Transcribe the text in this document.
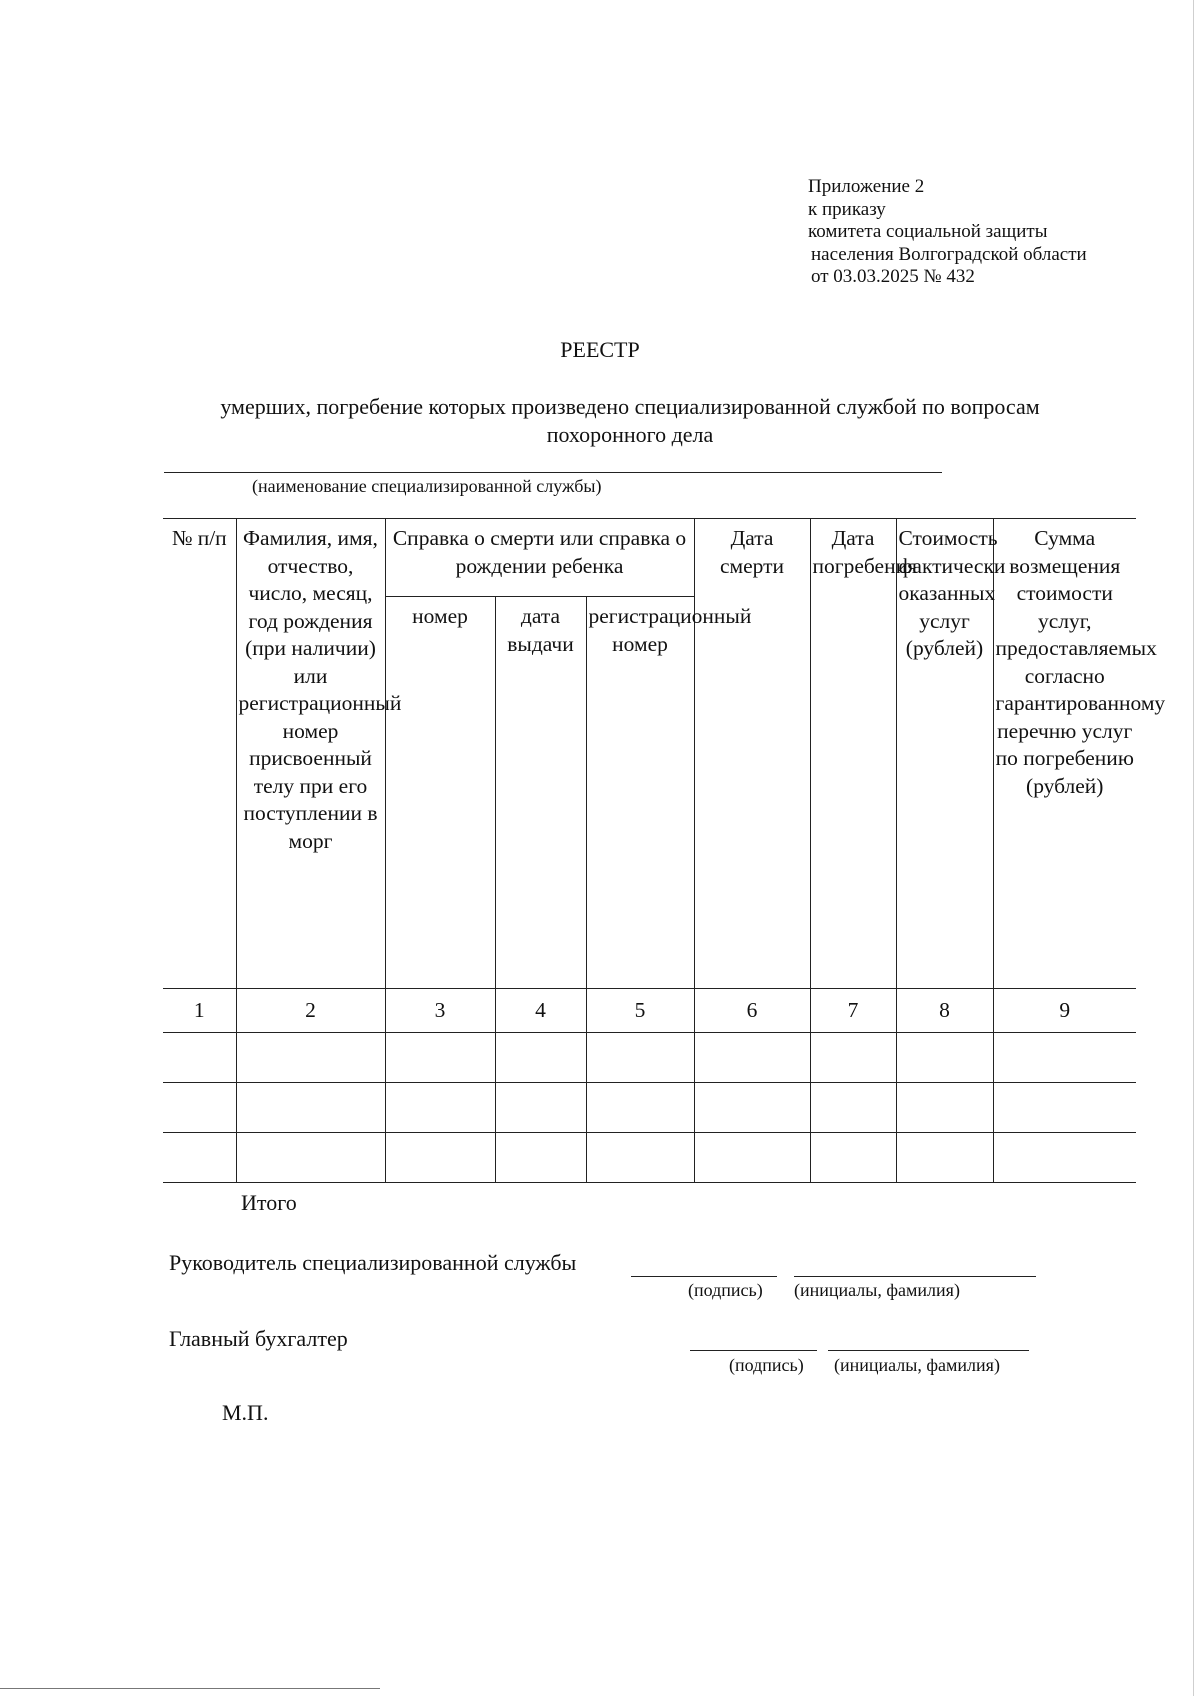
Приложение 2
к приказу
комитета социальной защиты
населения Волгоградской области
от 03.03.2025 № 432
РЕЕСТР
умерших, погребение которых произведено специализированной службой по вопросам похоронного дела
(наименование специализированной службы)
№ п/п	Фамилия, имя, отчество, число, месяц, год рождения (при наличии) или регистрационный номер присвоенный телу при его поступлении в морг	Справка о смерти или справка о рождении ребенка			Дата смерти	Дата погребения	Стоимость фактически оказанных услуг (рублей)	Сумма возмещения стоимости услуг, предоставляемых согласно гарантированному перечню услуг по погребению (рублей)
		номер	дата выдачи	регистрационный номер				
1	2	3	4	5	6	7	8	9

Итого
Руководитель специализированной службы
(подпись) (инициалы, фамилия)
Главный бухгалтер
(подпись) (инициалы, фамилия)
М.П.
